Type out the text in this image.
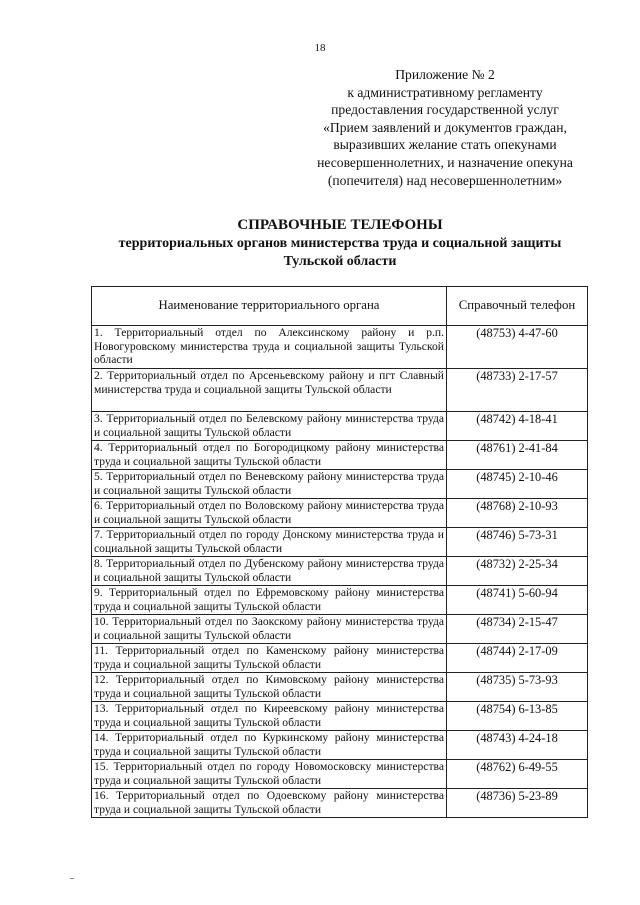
18
Приложение № 2
к административному регламенту
предоставления государственной услуг
«Прием заявлений и документов граждан,
выразивших желание стать опекунами
несовершеннолетних, и назначение опекуна
(попечителя) над несовершеннолетним»
СПРАВОЧНЫЕ ТЕЛЕФОНЫ
территориальных органов министерства труда и социальной защиты
Тульской области
Наименование территориального органа	Справочный телефон
1. Территориальный отдел по Алексинскому району и р.п. Новогуровскому министерства труда и социальной защиты Тульской области	(48753) 4-47-60
2. Территориальный отдел по Арсеньевскому району и пгт Славный министерства труда и социальной защиты Тульской области	(48733) 2-17-57
3. Территориальный отдел по Белевскому району министерства труда и социальной защиты Тульской области	(48742) 4-18-41
4. Территориальный отдел по Богородицкому району министерства труда и социальной защиты Тульской области	(48761) 2-41-84
5. Территориальный отдел по Веневскому району министерства труда и социальной защиты Тульской области	(48745) 2-10-46
6. Территориальный отдел по Воловскому району министерства труда и социальной защиты Тульской области	(48768) 2-10-93
7. Территориальный отдел по городу Донскому министерства труда и социальной защиты Тульской области	(48746) 5-73-31
8. Территориальный отдел по Дубенскому району министерства труда и социальной защиты Тульской области	(48732) 2-25-34
9. Территориальный отдел по Ефремовскому району министерства труда и социальной защиты Тульской области	(48741) 5-60-94
10. Территориальный отдел по Заокскому району министерства труда и социальной защиты Тульской области	(48734) 2-15-47
11. Территориальный отдел по Каменскому району министерства труда и социальной защиты Тульской области	(48744) 2-17-09
12. Территориальный отдел по Кимовскому району министерства труда и социальной защиты Тульской области	(48735) 5-73-93
13. Территориальный отдел по Киреевскому району министерства труда и социальной защиты Тульской области	(48754) 6-13-85
14. Территориальный отдел по Куркинскому району министерства труда и социальной защиты Тульской области	(48743) 4-24-18
15. Территориальный отдел по городу Новомосковску министерства труда и социальной защиты Тульской области	(48762) 6-49-55
16. Территориальный отдел по Одоевскому району министерства труда и социальной защиты Тульской области	(48736) 5-23-89
